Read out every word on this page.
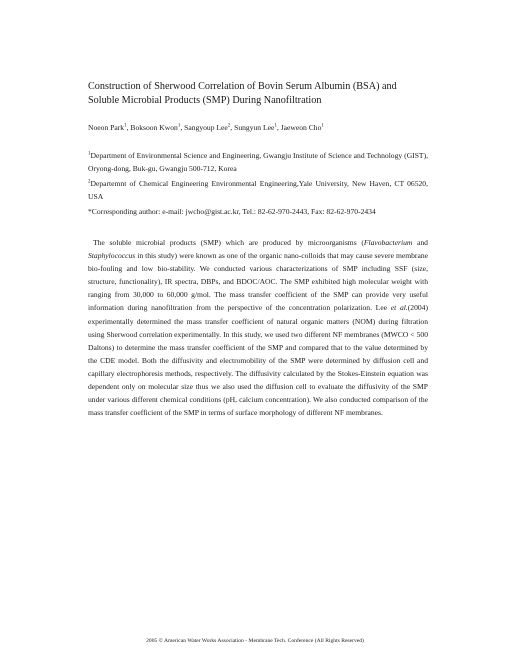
Construction of Sherwood Correlation of Bovin Serum Albumin (BSA) and Soluble Microbial Products (SMP) During Nanofiltration

Noeon Park$^1$, Boksoon Kwon$^1$, Sangyoup Lee$^2$, Sungyun Lee$^1$, Jaeweon Cho$^1$

$^1$Department of Environmental Science and Engineering, Gwangju Institute of Science and Technology (GIST), Oryong-dong, Buk-gu, Gwangju 500-712, Korea

$^2$Departemnt of Chemical Engineering Environmental Engineering,Yale University, New Haven, CT 06520, USA

*Corresponding author: e-mail: jwcho@gist.ac.kr, Tel.: 82-62-970-2443, Fax: 82-62-970-2434

The soluble microbial products (SMP) which are produced by microorganisms (Flavobacterium and Staphylococcus in this study) were known as one of the organic nano-colloids that may cause severe membrane bio-fouling and low bio-stability. We conducted various characterizations of SMP including SSF (size, structure, functionality), IR spectra, DBPs, and BDOC/AOC. The SMP exhibited high molecular weight with ranging from 30,000 to 60,000 g/mol. The mass transfer coefficient of the SMP can provide very useful information during nanofiltration from the perspective of the concentration polarization. Lee et al.(2004) experimentally determined the mass transfer coefficient of natural organic matters (NOM) during filtration using Sherwood correlation experimentally. In this study, we used two different NF membranes (MWCO < 500 Daltons) to determine the mass transfer coefficient of the SMP and compared that to the value determined by the CDE model. Both the diffusivity and electromobility of the SMP were determined by diffusion cell and capillary electrophoresis methods, respectively. The diffusivity calculated by the Stokes-Einstein equation was dependent only on molecular size thus we also used the diffusion cell to evaluate the diffusivity of the SMP under various different chemical conditions (pH, calcium concentration). We also conducted comparison of the mass transfer coefficient of the SMP in terms of surface morphology of different NF membranes.

2005 © American Water Works Association - Membrane Tech. Conference (All Rights Reserved)
